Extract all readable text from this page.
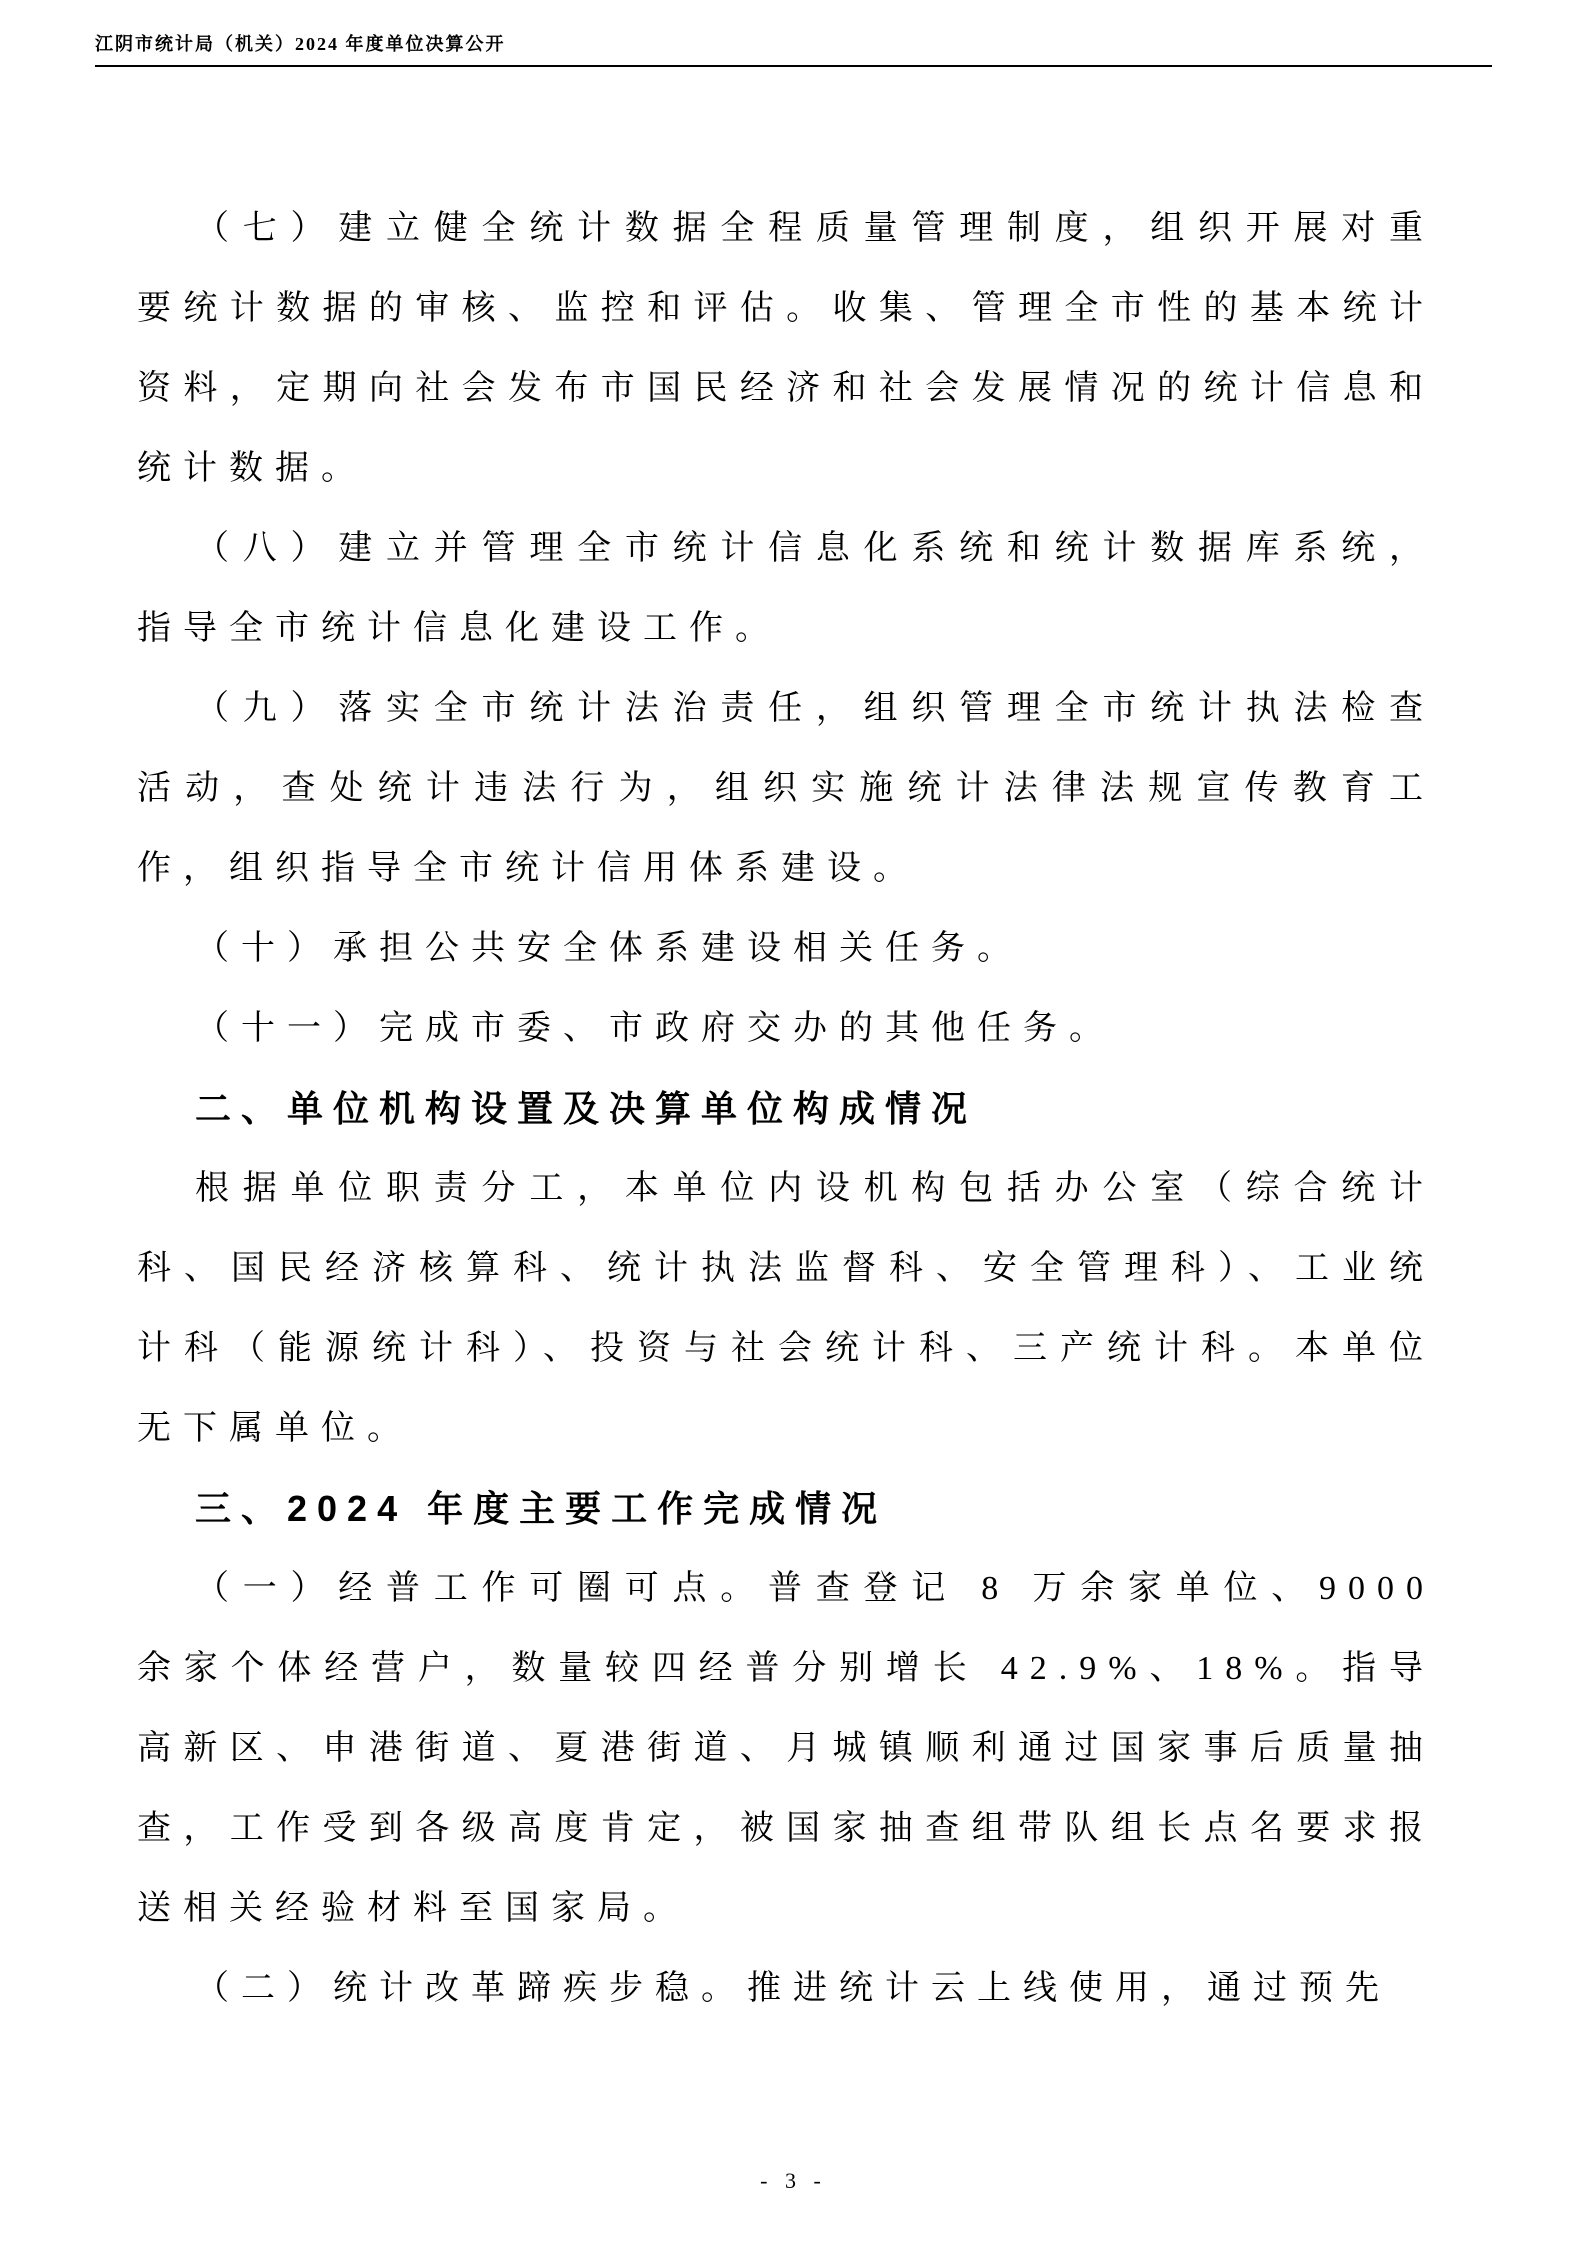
江阴市统计局（机关）2024 年度单位决算公开

（七）建立健全统计数据全程质量管理制度，组织开展对重要统计数据的审核、监控和评估。收集、管理全市性的基本统计资料，定期向社会发布市国民经济和社会发展情况的统计信息和统计数据。

（八）建立并管理全市统计信息化系统和统计数据库系统，指导全市统计信息化建设工作。

（九）落实全市统计法治责任，组织管理全市统计执法检查活动，查处统计违法行为，组织实施统计法律法规宣传教育工作，组织指导全市统计信用体系建设。

（十）承担公共安全体系建设相关任务。

（十一）完成市委、市政府交办的其他任务。

二、单位机构设置及决算单位构成情况

根据单位职责分工，本单位内设机构包括办公室（综合统计科、国民经济核算科、统计执法监督科、安全管理科）、工业统计科（能源统计科）、投资与社会统计科、三产统计科。本单位无下属单位。

三、2024 年度主要工作完成情况

（一）经普工作可圈可点。普查登记 8 万余家单位、9000 余家个体经营户，数量较四经普分别增长 42.9%、18%。指导高新区、申港街道、夏港街道、月城镇顺利通过国家事后质量抽查，工作受到各级高度肯定，被国家抽查组带队组长点名要求报送相关经验材料至国家局。

（二）统计改革蹄疾步稳。推进统计云上线使用，通过预先

- 3 -
